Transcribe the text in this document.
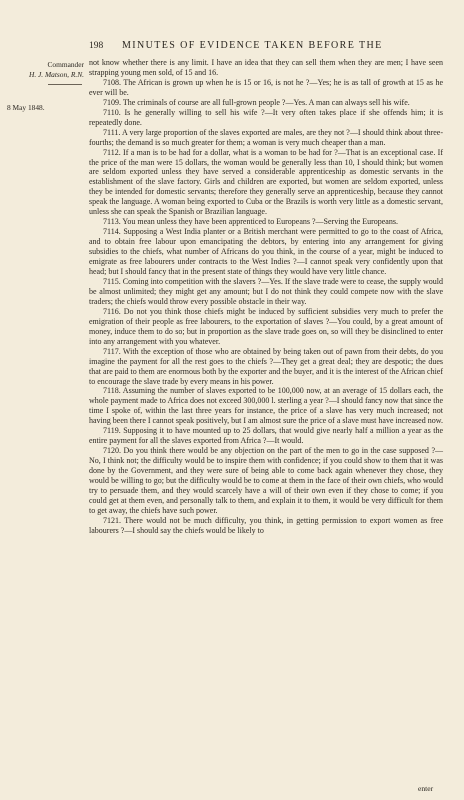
198 MINUTES OF EVIDENCE TAKEN BEFORE THE
Commander
H. J. Matson, R.N.
8 May 1848.

not know whether there is any limit. I have an idea that they can sell them when they are men; I have seen strapping young men sold, of 15 and 16.

7108. The African is grown up when he is 15 or 16, is not he ?—Yes; he is as tall of growth at 15 as he ever will be.

7109. The criminals of course are all full-grown people ?—Yes. A man can always sell his wife.

7110. Is he generally willing to sell his wife ?—It very often takes place if she offends him; it is repeatedly done.

7111. A very large proportion of the slaves exported are males, are they not ?—I should think about three-fourths; the demand is so much greater for them; a woman is very much cheaper than a man.

7112. If a man is to be had for a dollar, what is a woman to be had for ?—That is an exceptional case. If the price of the man were 15 dollars, the woman would be generally less than 10, I should think; but women are seldom exported unless they have served a considerable apprenticeship as domestic servants in the establishment of the slave factory. Girls and children are exported, but women are seldom exported, unless they be intended for domestic servants; therefore they generally serve an apprenticeship, because they cannot speak the language. A woman being exported to Cuba or the Brazils is worth very little as a domestic servant, unless she can speak the Spanish or Brazilian language.

7113. You mean unless they have been apprenticed to Europeans ?—Serving the Europeans.

7114. Supposing a West India planter or a British merchant were permitted to go to the coast of Africa, and to obtain free labour upon emancipating the debtors, by entering into any arrangement for giving subsidies to the chiefs, what number of Africans do you think, in the course of a year, might be induced to emigrate as free labourers under contracts to the West Indies ?—I cannot speak very confidently upon that head; but I should fancy that in the present state of things they would have very little chance.

7115. Coming into competition with the slavers ?—Yes. If the slave trade were to cease, the supply would be almost unlimited; they might get any amount; but I do not think they could compete now with the slave traders; the chiefs would throw every possible obstacle in their way.

7116. Do not you think those chiefs might be induced by sufficient subsidies very much to prefer the emigration of their people as free labourers, to the exportation of slaves ?—You could, by a great amount of money, induce them to do so; but in proportion as the slave trade goes on, so will they be disinclined to enter into any arrangement with you whatever.

7117. With the exception of those who are obtained by being taken out of pawn from their debts, do you imagine the payment for all the rest goes to the chiefs ?—They get a great deal; they are despotic; the dues that are paid to them are enormous both by the exporter and the buyer, and it is the interest of the African chief to encourage the slave trade by every means in his power.

7118. Assuming the number of slaves exported to be 100,000 now, at an average of 15 dollars each, the whole payment made to Africa does not exceed 300,000 l. sterling a year ?—I should fancy now that since the time I spoke of, within the last three years for instance, the price of a slave has very much increased; not having been there I cannot speak positively, but I am almost sure the price of a slave must have increased now.

7119. Supposing it to have mounted up to 25 dollars, that would give nearly half a million a year as the entire payment for all the slaves exported from Africa ?—It would.

7120. Do you think there would be any objection on the part of the men to go in the case supposed ?—No, I think not; the difficulty would be to inspire them with confidence; if you could show to them that it was done by the Government, and they were sure of being able to come back again whenever they chose, they would be willing to go; but the difficulty would be to come at them in the face of their own chiefs, who would try to persuade them, and they would scarcely have a will of their own even if they chose to come; if you could get at them even, and personally talk to them, and explain it to them, it would be very difficult for them to get away, the chiefs have such power.

7121. There would not be much difficulty, you think, in getting permission to export women as free labourers ?—I should say the chiefs would be likely to

enter
